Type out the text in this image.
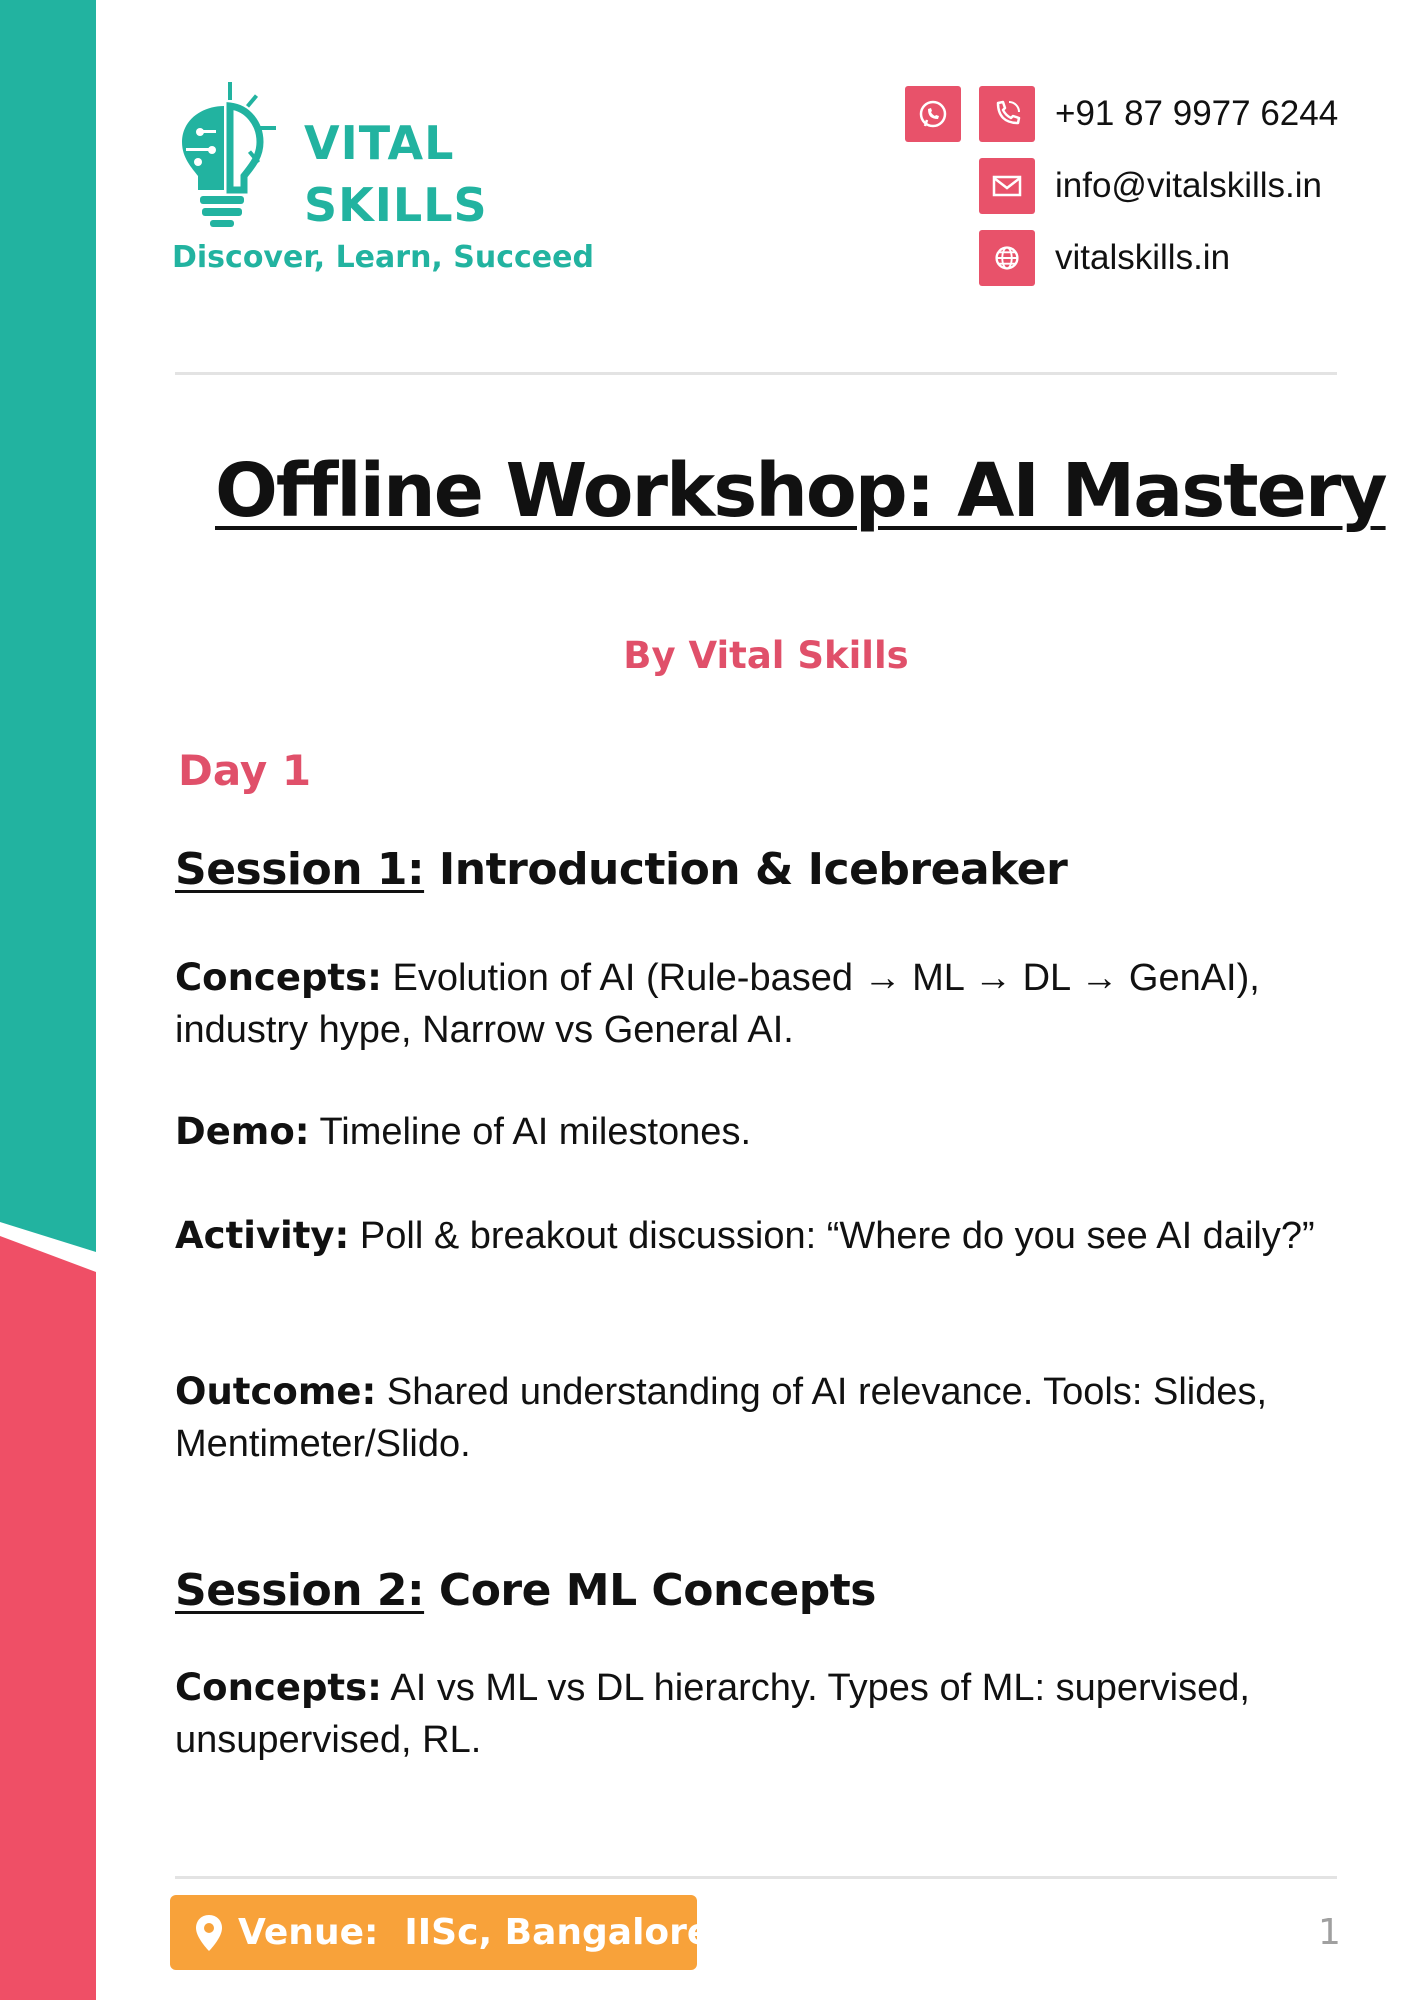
VITAL
SKILLS
Discover, Learn, Succeed
+91 87 9977 6244
info@vitalskills.in
vitalskills.in
Offline Workshop: AI Mastery
By Vital Skills
Day 1
Session 1: Introduction & Icebreaker
Concepts: Evolution of AI (Rule-based → ML → DL → GenAI), industry hype, Narrow vs General AI.
Demo: Timeline of AI milestones.
Activity: Poll & breakout discussion: “Where do you see AI daily?”
Outcome: Shared understanding of AI relevance. Tools: Slides, Mentimeter/Slido.
Session 2: Core ML Concepts
Concepts: AI vs ML vs DL hierarchy. Types of ML: supervised, unsupervised, RL.
Venue: IISc, Bangalore	1
